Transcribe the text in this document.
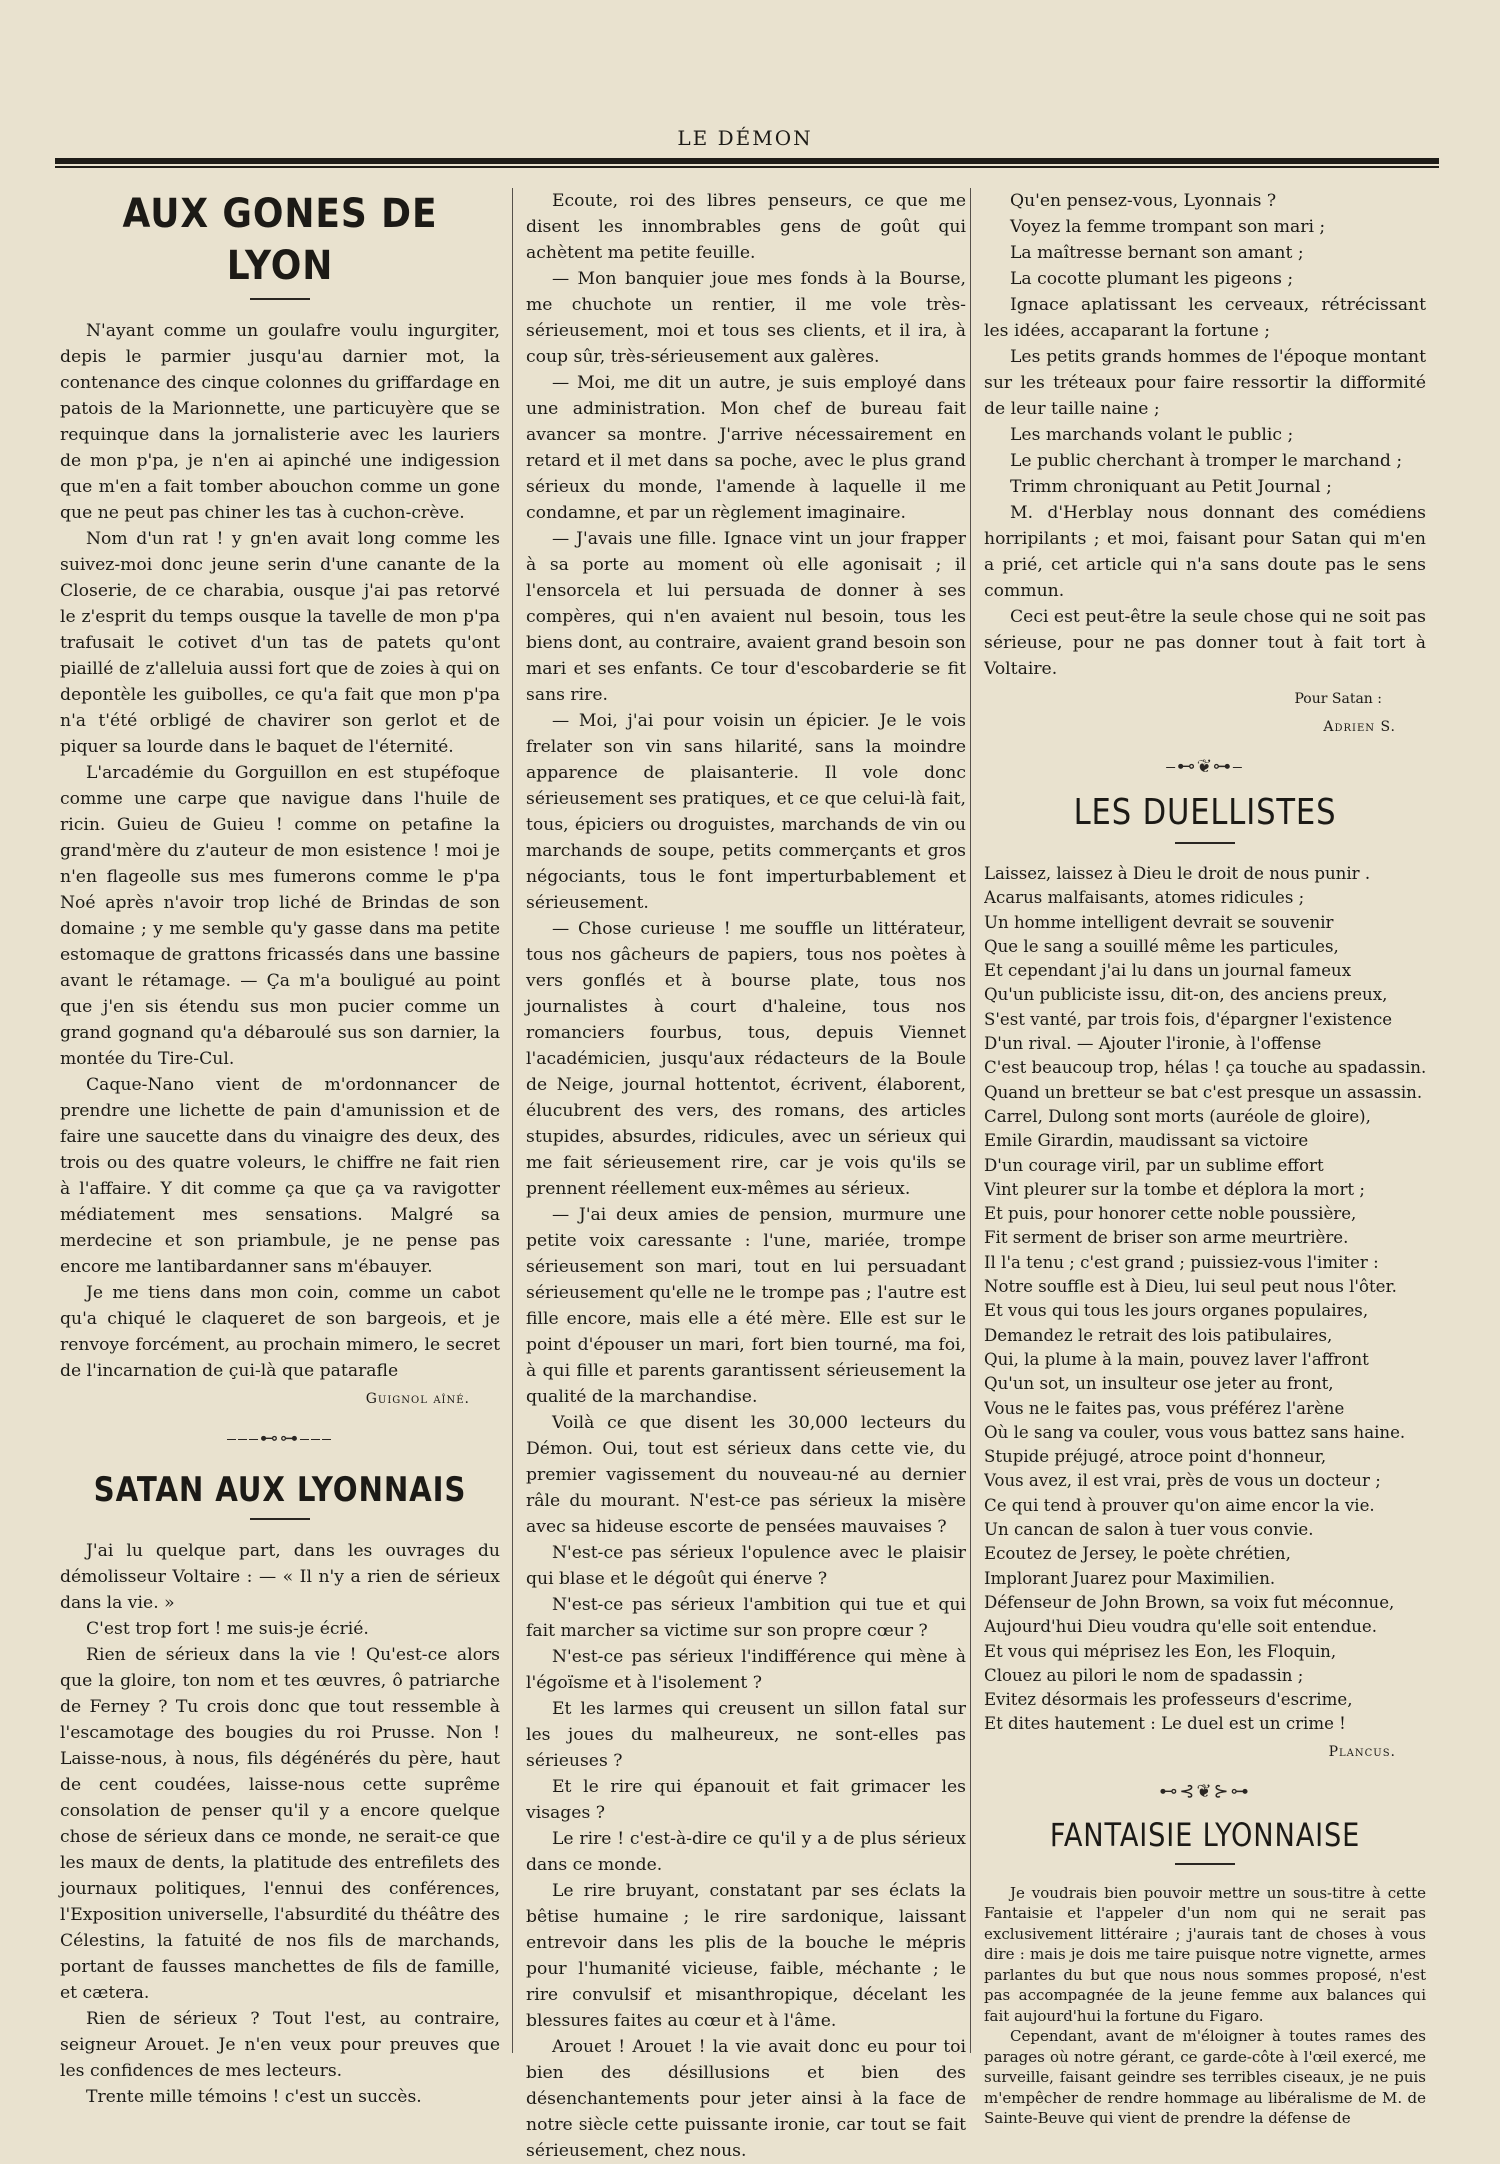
LE DÉMON
AUX GONES DE LYON

N'ayant comme un goulafre voulu ingurgiter, depis le parmier jusqu'au darnier mot, la contenance des cinque colonnes du griffardage en patois de la Marionnette, une particuyère que se requinque dans la jornalisterie avec les lauriers de mon p'pa, je n'en ai apinché une indigession que m'en a fait tomber abouchon comme un gone que ne peut pas chiner les tas à cuchon-crève.

Nom d'un rat ! y gn'en avait long comme les suivez-moi donc jeune serin d'une canante de la Closerie, de ce charabia, ousque j'ai pas retorvé le z'esprit du temps ousque la tavelle de mon p'pa trafusait le cotivet d'un tas de patets qu'ont piaillé de z'alleluia aussi fort que de zoies à qui on depontèle les guibolles, ce qu'a fait que mon p'pa n'a t'été orbligé de chavirer son gerlot et de piquer sa lourde dans le baquet de l'éternité.

L'arcadémie du Gorguillon en est stupéfoque comme une carpe que navigue dans l'huile de ricin. Guieu de Guieu ! comme on petafine la grand'mère du z'auteur de mon esistence ! moi je n'en flageolle sus mes fumerons comme le p'pa Noé après n'avoir trop liché de Brindas de son domaine ; y me semble qu'y gasse dans ma petite estomaque de grattons fricassés dans une bassine avant le rétamage. — Ça m'a bouligué au point que j'en sis étendu sus mon pucier comme un grand gognand qu'a débaroulé sus son darnier, la montée du Tire-Cul.

Caque-Nano vient de m'ordonnancer de prendre une lichette de pain d'amunission et de faire une saucette dans du vinaigre des deux, des trois ou des quatre voleurs, le chiffre ne fait rien à l'affaire. Y dit comme ça que ça va ravigotter médiatement mes sensations. Malgré sa merdecine et son priambule, je ne pense pas encore me lantibardanner sans m'ébauyer.

Je me tiens dans mon coin, comme un cabot qu'a chiqué le claqueret de son bargeois, et je renvoye forcément, au prochain mimero, le secret de l'incarnation de çui-là que patarafle

Guignol aîné.
⎯⎯⎯⊷⊶⎯⎯⎯
SATAN AUX LYONNAIS

J'ai lu quelque part, dans les ouvrages du démolisseur Voltaire : — « Il n'y a rien de sérieux dans la vie. »

C'est trop fort ! me suis-je écrié.

Rien de sérieux dans la vie ! Qu'est-ce alors que la gloire, ton nom et tes œuvres, ô patriarche de Ferney ? Tu crois donc que tout ressemble à l'escamotage des bougies du roi Prusse. Non ! Laisse-nous, à nous, fils dégénérés du père, haut de cent coudées, laisse-nous cette suprême consolation de penser qu'il y a encore quelque chose de sérieux dans ce monde, ne serait-ce que les maux de dents, la platitude des entrefilets des journaux politiques, l'ennui des conférences, l'Exposition universelle, l'absurdité du théâtre des Célestins, la fatuité de nos fils de marchands, portant de fausses manchettes de fils de famille, et cætera.

Rien de sérieux ? Tout l'est, au contraire, seigneur Arouet. Je n'en veux pour preuves que les confidences de mes lecteurs.

Trente mille témoins ! c'est un succès.

Ecoute, roi des libres penseurs, ce que me disent les innombrables gens de goût qui achètent ma petite feuille.

— Mon banquier joue mes fonds à la Bourse, me chuchote un rentier, il me vole très-sérieusement, moi et tous ses clients, et il ira, à coup sûr, très-sérieusement aux galères.

— Moi, me dit un autre, je suis employé dans une administration. Mon chef de bureau fait avancer sa montre. J'arrive nécessairement en retard et il met dans sa poche, avec le plus grand sérieux du monde, l'amende à laquelle il me condamne, et par un règlement imaginaire.

— J'avais une fille. Ignace vint un jour frapper à sa porte au moment où elle agonisait ; il l'ensorcela et lui persuada de donner à ses compères, qui n'en avaient nul besoin, tous les biens dont, au contraire, avaient grand besoin son mari et ses enfants. Ce tour d'escobarderie se fit sans rire.

— Moi, j'ai pour voisin un épicier. Je le vois frelater son vin sans hilarité, sans la moindre apparence de plaisanterie. Il vole donc sérieusement ses pratiques, et ce que celui-là fait, tous, épiciers ou droguistes, marchands de vin ou marchands de soupe, petits commerçants et gros négociants, tous le font imperturbablement et sérieusement.

— Chose curieuse ! me souffle un littérateur, tous nos gâcheurs de papiers, tous nos poètes à vers gonflés et à bourse plate, tous nos journalistes à court d'haleine, tous nos romanciers fourbus, tous, depuis Viennet l'académicien, jusqu'aux rédacteurs de la Boule de Neige, journal hottentot, écrivent, élaborent, élucubrent des vers, des romans, des articles stupides, absurdes, ridicules, avec un sérieux qui me fait sérieusement rire, car je vois qu'ils se prennent réellement eux-mêmes au sérieux.

— J'ai deux amies de pension, murmure une petite voix caressante : l'une, mariée, trompe sérieusement son mari, tout en lui persuadant sérieusement qu'elle ne le trompe pas ; l'autre est fille encore, mais elle a été mère. Elle est sur le point d'épouser un mari, fort bien tourné, ma foi, à qui fille et parents garantissent sérieusement la qualité de la marchandise.

Voilà ce que disent les 30,000 lecteurs du Démon. Oui, tout est sérieux dans cette vie, du premier vagissement du nouveau-né au dernier râle du mourant. N'est-ce pas sérieux la misère avec sa hideuse escorte de pensées mauvaises ?

N'est-ce pas sérieux l'opulence avec le plaisir qui blase et le dégoût qui énerve ?

N'est-ce pas sérieux l'ambition qui tue et qui fait marcher sa victime sur son propre cœur ?

N'est-ce pas sérieux l'indifférence qui mène à l'égoïsme et à l'isolement ?

Et les larmes qui creusent un sillon fatal sur les joues du malheureux, ne sont-elles pas sérieuses ?

Et le rire qui épanouit et fait grimacer les visages ?

Le rire ! c'est-à-dire ce qu'il y a de plus sérieux dans ce monde.

Le rire bruyant, constatant par ses éclats la bêtise humaine ; le rire sardonique, laissant entrevoir dans les plis de la bouche le mépris pour l'humanité vicieuse, faible, méchante ; le rire convulsif et misanthropique, décelant les blessures faites au cœur et à l'âme.

Arouet ! Arouet ! la vie avait donc eu pour toi bien des désillusions et bien des désenchantements pour jeter ainsi à la face de notre siècle cette puissante ironie, car tout se fait sérieusement, chez nous.

Qu'en pensez-vous, Lyonnais ?

Voyez la femme trompant son mari ;

La maîtresse bernant son amant ;

La cocotte plumant les pigeons ;

Ignace aplatissant les cerveaux, rétrécissant les idées, accaparant la fortune ;

Les petits grands hommes de l'époque montant sur les tréteaux pour faire ressortir la difformité de leur taille naine ;

Les marchands volant le public ;

Le public cherchant à tromper le marchand ;

Trimm chroniquant au Petit Journal ;

M. d'Herblay nous donnant des comédiens horripilants ; et moi, faisant pour Satan qui m'en a prié, cet article qui n'a sans doute pas le sens commun.

Ceci est peut-être la seule chose qui ne soit pas sérieuse, pour ne pas donner tout à fait tort à Voltaire.

Pour Satan :
Adrien S.
⎯⊷❦⊶⎯
LES DUELLISTES
Laissez, laissez à Dieu le droit de nous punir .
Acarus malfaisants, atomes ridicules ;
Un homme intelligent devrait se souvenir
Que le sang a souillé même les particules,
Et cependant j'ai lu dans un journal fameux
Qu'un publiciste issu, dit-on, des anciens preux,
S'est vanté, par trois fois, d'épargner l'existence
D'un rival. — Ajouter l'ironie, à l'offense
C'est beaucoup trop, hélas ! ça touche au spadassin.
Quand un bretteur se bat c'est presque un assassin.
Carrel, Dulong sont morts (auréole de gloire),
Emile Girardin, maudissant sa victoire
D'un courage viril, par un sublime effort
Vint pleurer sur la tombe et déplora la mort ;
Et puis, pour honorer cette noble poussière,
Fit serment de briser son arme meurtrière.
Il l'a tenu ; c'est grand ; puissiez-vous l'imiter :
Notre souffle est à Dieu, lui seul peut nous l'ôter.
Et vous qui tous les jours organes populaires,
Demandez le retrait des lois patibulaires,
Qui, la plume à la main, pouvez laver l'affront
Qu'un sot, un insulteur ose jeter au front,
Vous ne le faites pas, vous préférez l'arène
Où le sang va couler, vous vous battez sans haine.
Stupide préjugé, atroce point d'honneur,
Vous avez, il est vrai, près de vous un docteur ;
Ce qui tend à prouver qu'on aime encor la vie.
Un cancan de salon à tuer vous convie.
Ecoutez de Jersey, le poète chrétien,
Implorant Juarez pour Maximilien.
Défenseur de John Brown, sa voix fut méconnue,
Aujourd'hui Dieu voudra qu'elle soit entendue.
Et vous qui méprisez les Eon, les Floquin,
Clouez au pilori le nom de spadassin ;
Evitez désormais les professeurs d'escrime,
Et dites hautement : Le duel est un crime !
Plancus.
⊷⊰❦⊱⊶
FANTAISIE LYONNAISE

Je voudrais bien pouvoir mettre un sous-titre à cette Fantaisie et l'appeler d'un nom qui ne serait pas exclusivement littéraire ; j'aurais tant de choses à vous dire : mais je dois me taire puisque notre vignette, armes parlantes du but que nous nous sommes proposé, n'est pas accompagnée de la jeune femme aux balances qui fait aujourd'hui la fortune du Figaro.

Cependant, avant de m'éloigner à toutes rames des parages où notre gérant, ce garde-côte à l'œil exercé, me surveille, faisant geindre ses terribles ciseaux, je ne puis m'empêcher de rendre hommage au libéralisme de M. de Sainte-Beuve qui vient de prendre la défense de
